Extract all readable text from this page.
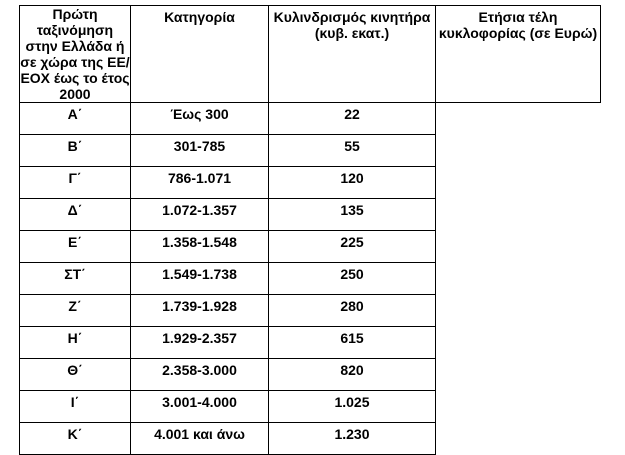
Πρώτη ταξινόμηση στην Ελλάδα ή σε χώρα της ΕΕ/ΕΟΧ έως το έτος 2000	Κατηγορία	Κυλινδρισμός κινητήρα (κυβ. εκατ.)	Ετήσια τέλη κυκλοφορίας (σε Ευρώ)
Α΄	Έως 300	22	
Β΄	301-785	55	
Γ΄	786-1.071	120	
Δ΄	1.072-1.357	135	
Ε΄	1.358-1.548	225	
ΣΤ΄	1.549-1.738	250	
Ζ΄	1.739-1.928	280	
Η΄	1.929-2.357	615	
Θ΄	2.358-3.000	820	
Ι΄	3.001-4.000	1.025	
Κ΄	4.001 και άνω	1.230	
